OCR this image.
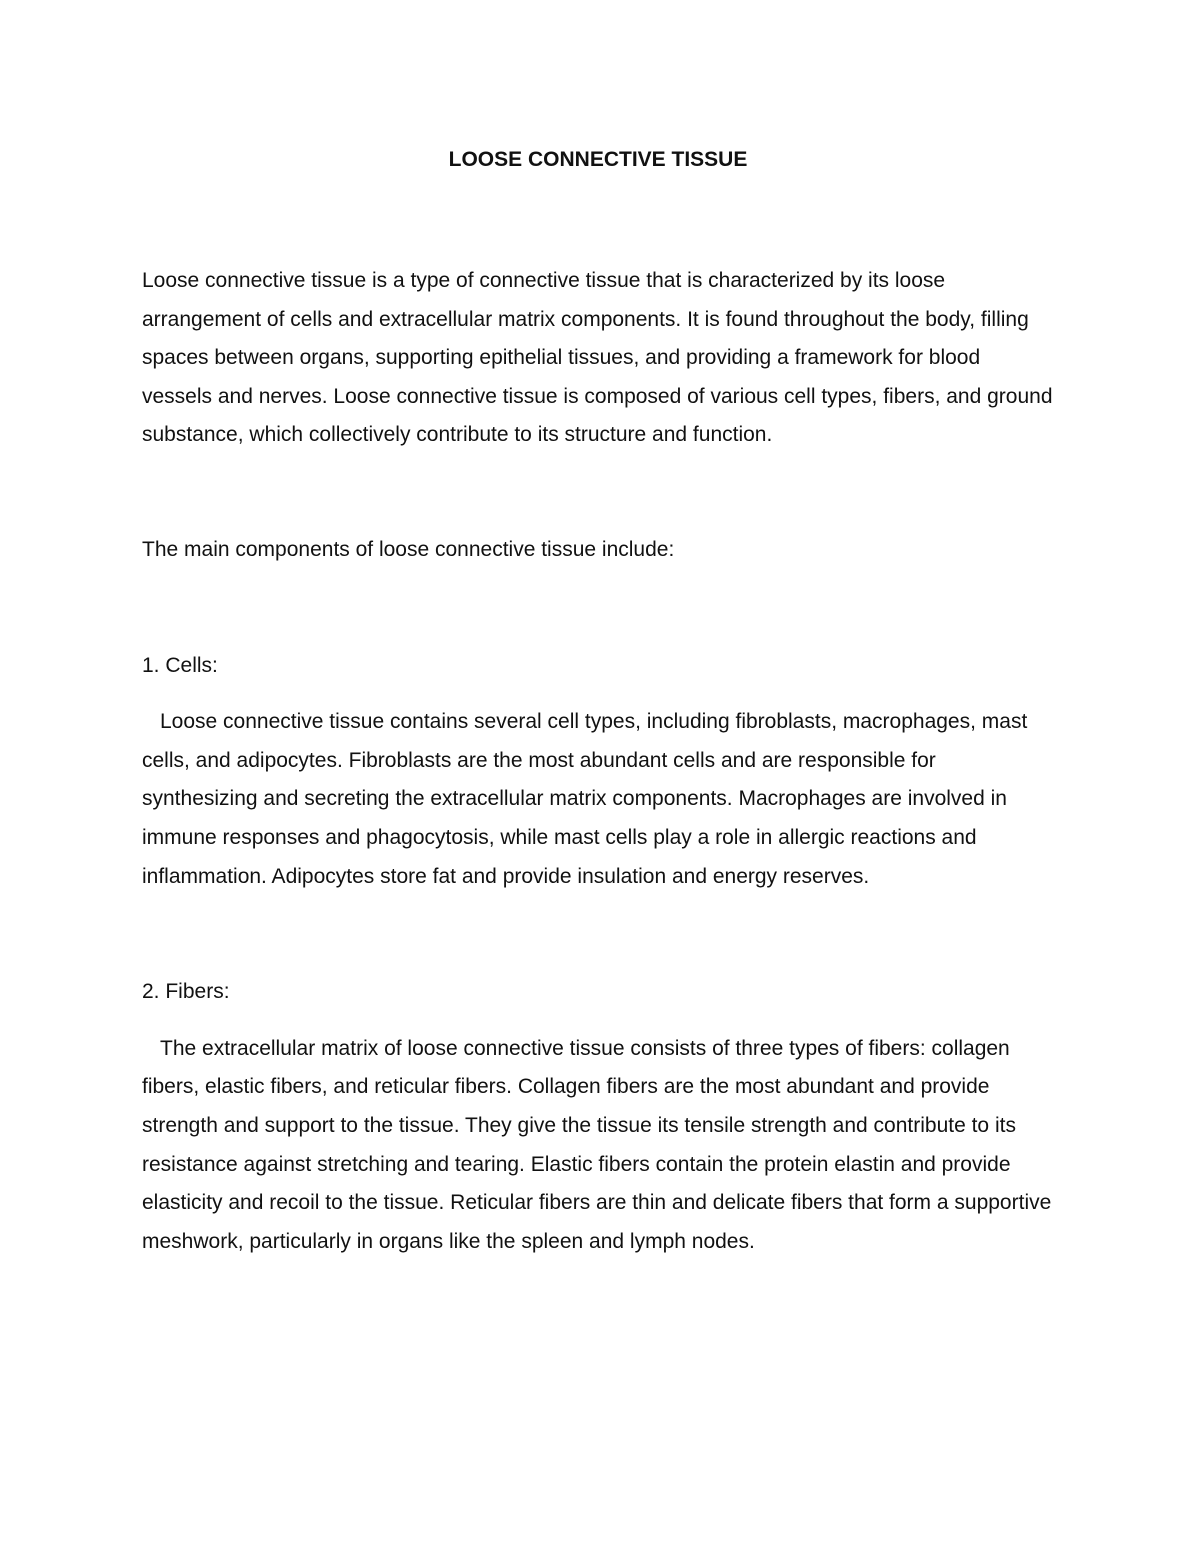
LOOSE CONNECTIVE TISSUE

Loose connective tissue is a type of connective tissue that is characterized by its loose arrangement of cells and extracellular matrix components. It is found throughout the body, filling spaces between organs, supporting epithelial tissues, and providing a framework for blood vessels and nerves. Loose connective tissue is composed of various cell types, fibers, and ground substance, which collectively contribute to its structure and function.

The main components of loose connective tissue include:

1. Cells:

Loose connective tissue contains several cell types, including fibroblasts, macrophages, mast cells, and adipocytes. Fibroblasts are the most abundant cells and are responsible for synthesizing and secreting the extracellular matrix components. Macrophages are involved in immune responses and phagocytosis, while mast cells play a role in allergic reactions and inflammation. Adipocytes store fat and provide insulation and energy reserves.

2. Fibers:

The extracellular matrix of loose connective tissue consists of three types of fibers: collagen fibers, elastic fibers, and reticular fibers. Collagen fibers are the most abundant and provide strength and support to the tissue. They give the tissue its tensile strength and contribute to its resistance against stretching and tearing. Elastic fibers contain the protein elastin and provide elasticity and recoil to the tissue. Reticular fibers are thin and delicate fibers that form a supportive meshwork, particularly in organs like the spleen and lymph nodes.
